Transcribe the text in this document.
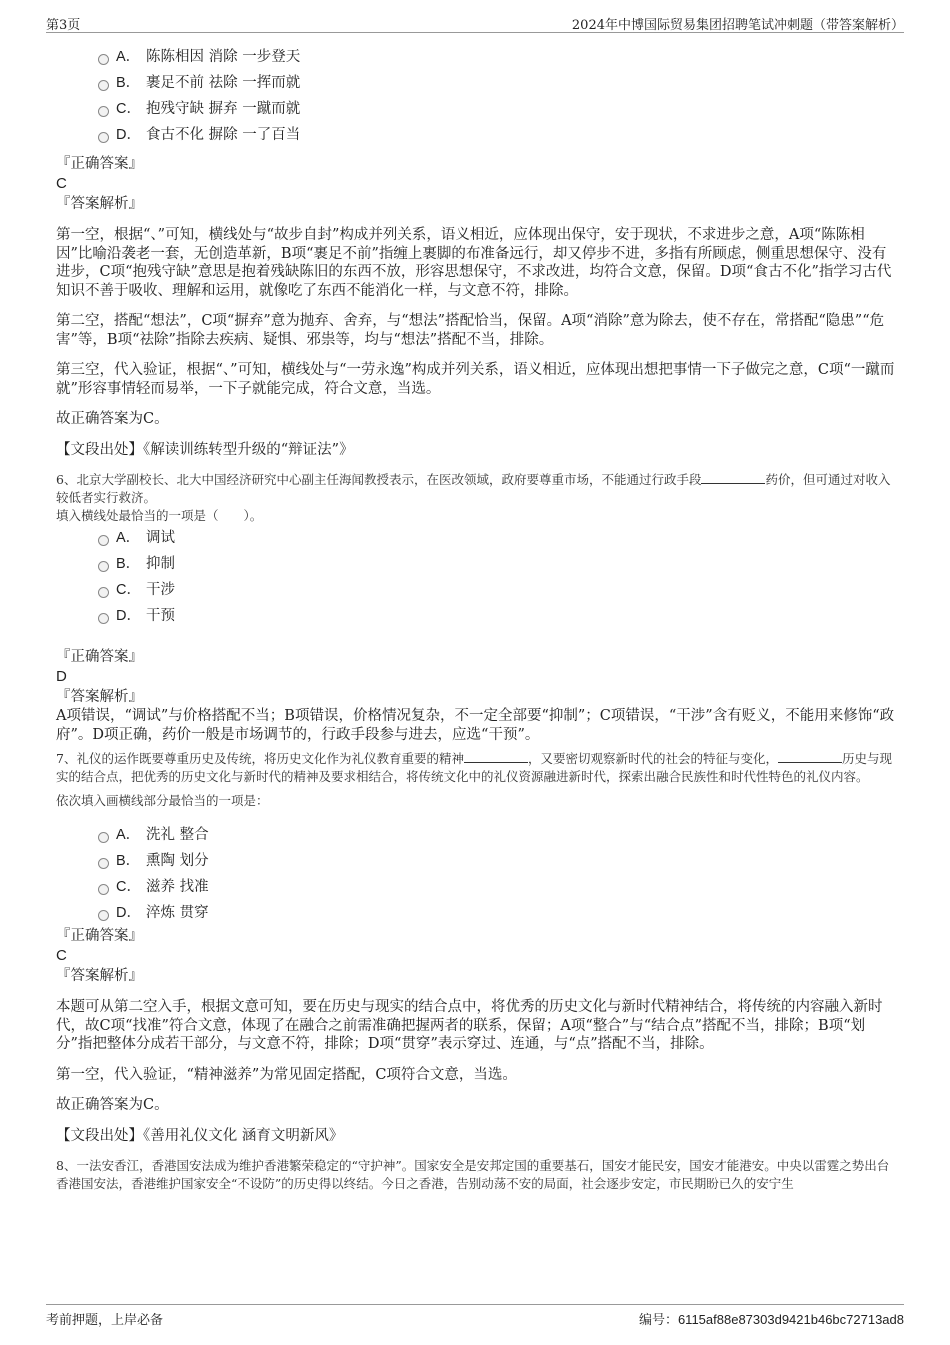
第3页	2024年中博国际贸易集团招聘笔试冲刺题（带答案解析）
A． 陈陈相因 消除 一步登天
B． 裹足不前 祛除 一挥而就
C． 抱残守缺 摒弃 一蹴而就
D． 食古不化 摒除 一了百当

『正确答案』

C

『答案解析』

第一空，根据“、”可知，横线处与“故步自封”构成并列关系，语义相近，应体现出保守，安于现状，不求进步之意，A项“陈陈相因”比喻沿袭老一套，无创造革新，B项“裹足不前”指缠上裹脚的布准备远行，却又停步不进，多指有所顾虑，侧重思想保守、没有进步，C项“抱残守缺”意思是抱着残缺陈旧的东西不放，形容思想保守，不求改进，均符合文意，保留。D项“食古不化”指学习古代知识不善于吸收、理解和运用，就像吃了东西不能消化一样，与文意不符，排除。

第二空，搭配“想法”，C项“摒弃”意为抛弃、舍弃，与“想法”搭配恰当，保留。A项“消除”意为除去，使不存在，常搭配“隐患”“危害”等，B项“祛除”指除去疾病、疑惧、邪祟等，均与“想法”搭配不当，排除。

第三空，代入验证，根据“、”可知，横线处与“一劳永逸”构成并列关系，语义相近，应体现出想把事情一下子做完之意，C项“一蹴而就”形容事情轻而易举，一下子就能完成，符合文意，当选。

故正确答案为C。

【文段出处】《解读训练转型升级的“辩证法”》

6、北京大学副校长、北大中国经济研究中心副主任海闻教授表示，在医改领域，政府要尊重市场，不能通过行政手段	药价，但可通过对收入较低者实行救济。

填入横线处最恰当的一项是（　　）。

A． 调试
B． 抑制
C． 干涉
D． 干预

『正确答案』

D

『答案解析』

A项错误，“调试”与价格搭配不当；B项错误，价格情况复杂，不一定全部要“抑制”；C项错误，“干涉”含有贬义，不能用来修饰“政府”。D项正确，药价一般是市场调节的，行政手段参与进去，应选“干预”。

7、礼仪的运作既要尊重历史及传统，将历史文化作为礼仪教育重要的精神	，又要密切观察新时代的社会的特征与变化，	历史与现实的结合点，把优秀的历史文化与新时代的精神及要求相结合，将传统文化中的礼仪资源融进新时代，探索出融合民族性和时代性特色的礼仪内容。

依次填入画横线部分最恰当的一项是：

A． 洗礼 整合
B． 熏陶 划分
C． 滋养 找准
D． 淬炼 贯穿

『正确答案』

C

『答案解析』

本题可从第二空入手，根据文意可知，要在历史与现实的结合点中，将优秀的历史文化与新时代精神结合，将传统的内容融入新时代，故C项“找准”符合文意，体现了在融合之前需准确把握两者的联系，保留；A项“整合”与“结合点”搭配不当，排除；B项“划分”指把整体分成若干部分，与文意不符，排除；D项“贯穿”表示穿过、连通，与“点”搭配不当，排除。

第一空，代入验证，“精神滋养”为常见固定搭配，C项符合文意，当选。

故正确答案为C。

【文段出处】《善用礼仪文化 涵育文明新风》

8、一法安香江，香港国安法成为维护香港繁荣稳定的“守护神”。国家安全是安邦定国的重要基石，国安才能民安，国安才能港安。中央以雷霆之势出台香港国安法，香港维护国家安全“不设防”的历史得以终结。今日之香港，告别动荡不安的局面，社会逐步安定，市民期盼已久的安宁生

考前押题，上岸必备	编号：6115af88e87303d9421b46bc72713ad8
